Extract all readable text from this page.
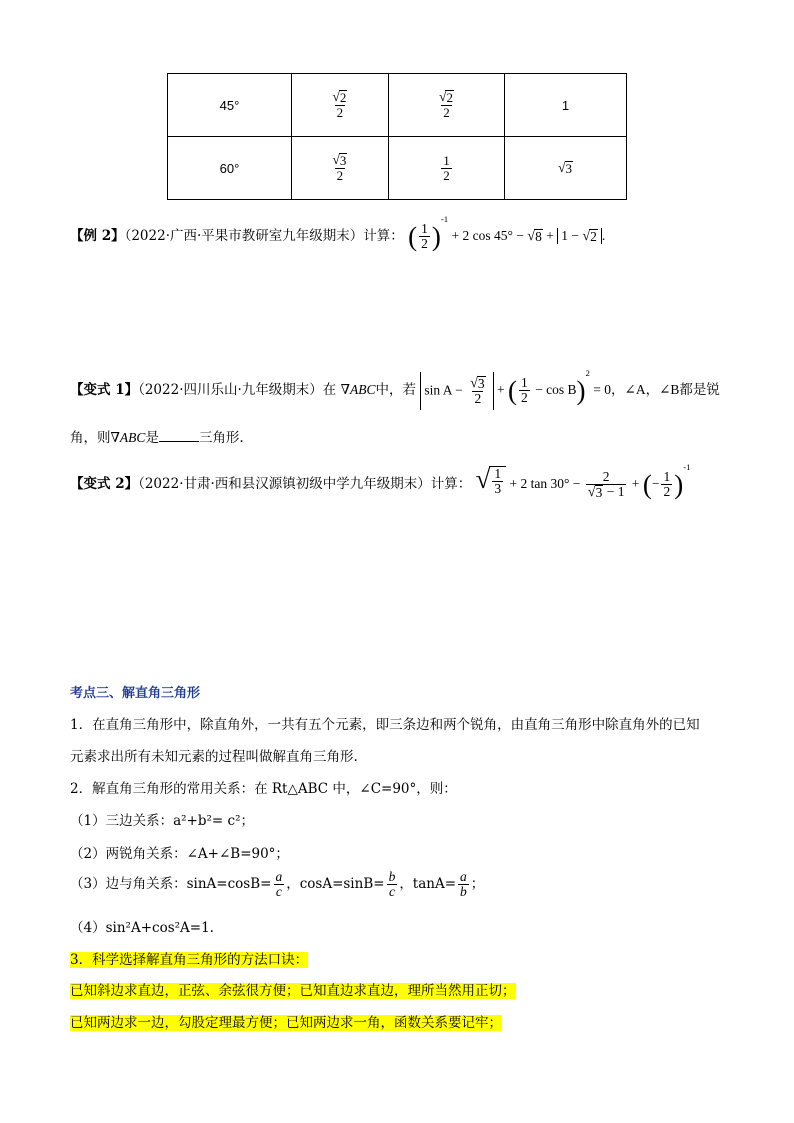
45°	$\frac{√ 2}{2}$	$\frac{√ 2}{2}$	1
60°	$\frac{√ 3}{2}$	$\frac{1}{2}$	√ 3
【例 2】（2022·广西·平果市教研室九年级期末）计算： ( $\frac{1}{2} )^{-1} + 2$ cos 45° − √ 8 + 1 − √ 2 .
【变式 1】（2022·四川乐山·九年级期末）在 ∇ABC中，若 $\sin A - \frac{√ 3}{2}$ + ( $\frac{1}{2} - \cos B)^2 = 0$，∠A，∠B都是锐
角，则∇ABC是	三角形.
【变式 2】（2022·甘肃·西和县汉源镇初级中学九年级期末）计算： √ $\frac{1}{3} + 2$ $\tan 30^\circ - \frac{2}{√ 3 - 1}$ + (− $\frac{1}{2} )^{-1}$
考点三、解直角三角形
1．在直角三角形中，除直角外，一共有五个元素，即三条边和两个锐角，由直角三角形中除直角外的已知
元素求出所有未知元素的过程叫做解直角三角形.
2．解直角三角形的常用关系：在 Rt△ABC 中，∠C=90°，则：
（1）三边关系：a²+b²= c²；
（2）两锐角关系：∠A+∠B=90°；
（3）边与角关系：$\sin A=\cos B= \frac{a}{c}$ ，$\cos A=\sin B= \frac{b}{c}$ ，$\tan A= \frac{a}{b}$ ；
（4）sin²A+cos²A=1.
3．科学选择解直角三角形的方法口诀：
已知斜边求直边，正弦、余弦很方便；已知直边求直边，理所当然用正切；
已知两边求一边，勾股定理最方便；已知两边求一角，函数关系要记牢；
